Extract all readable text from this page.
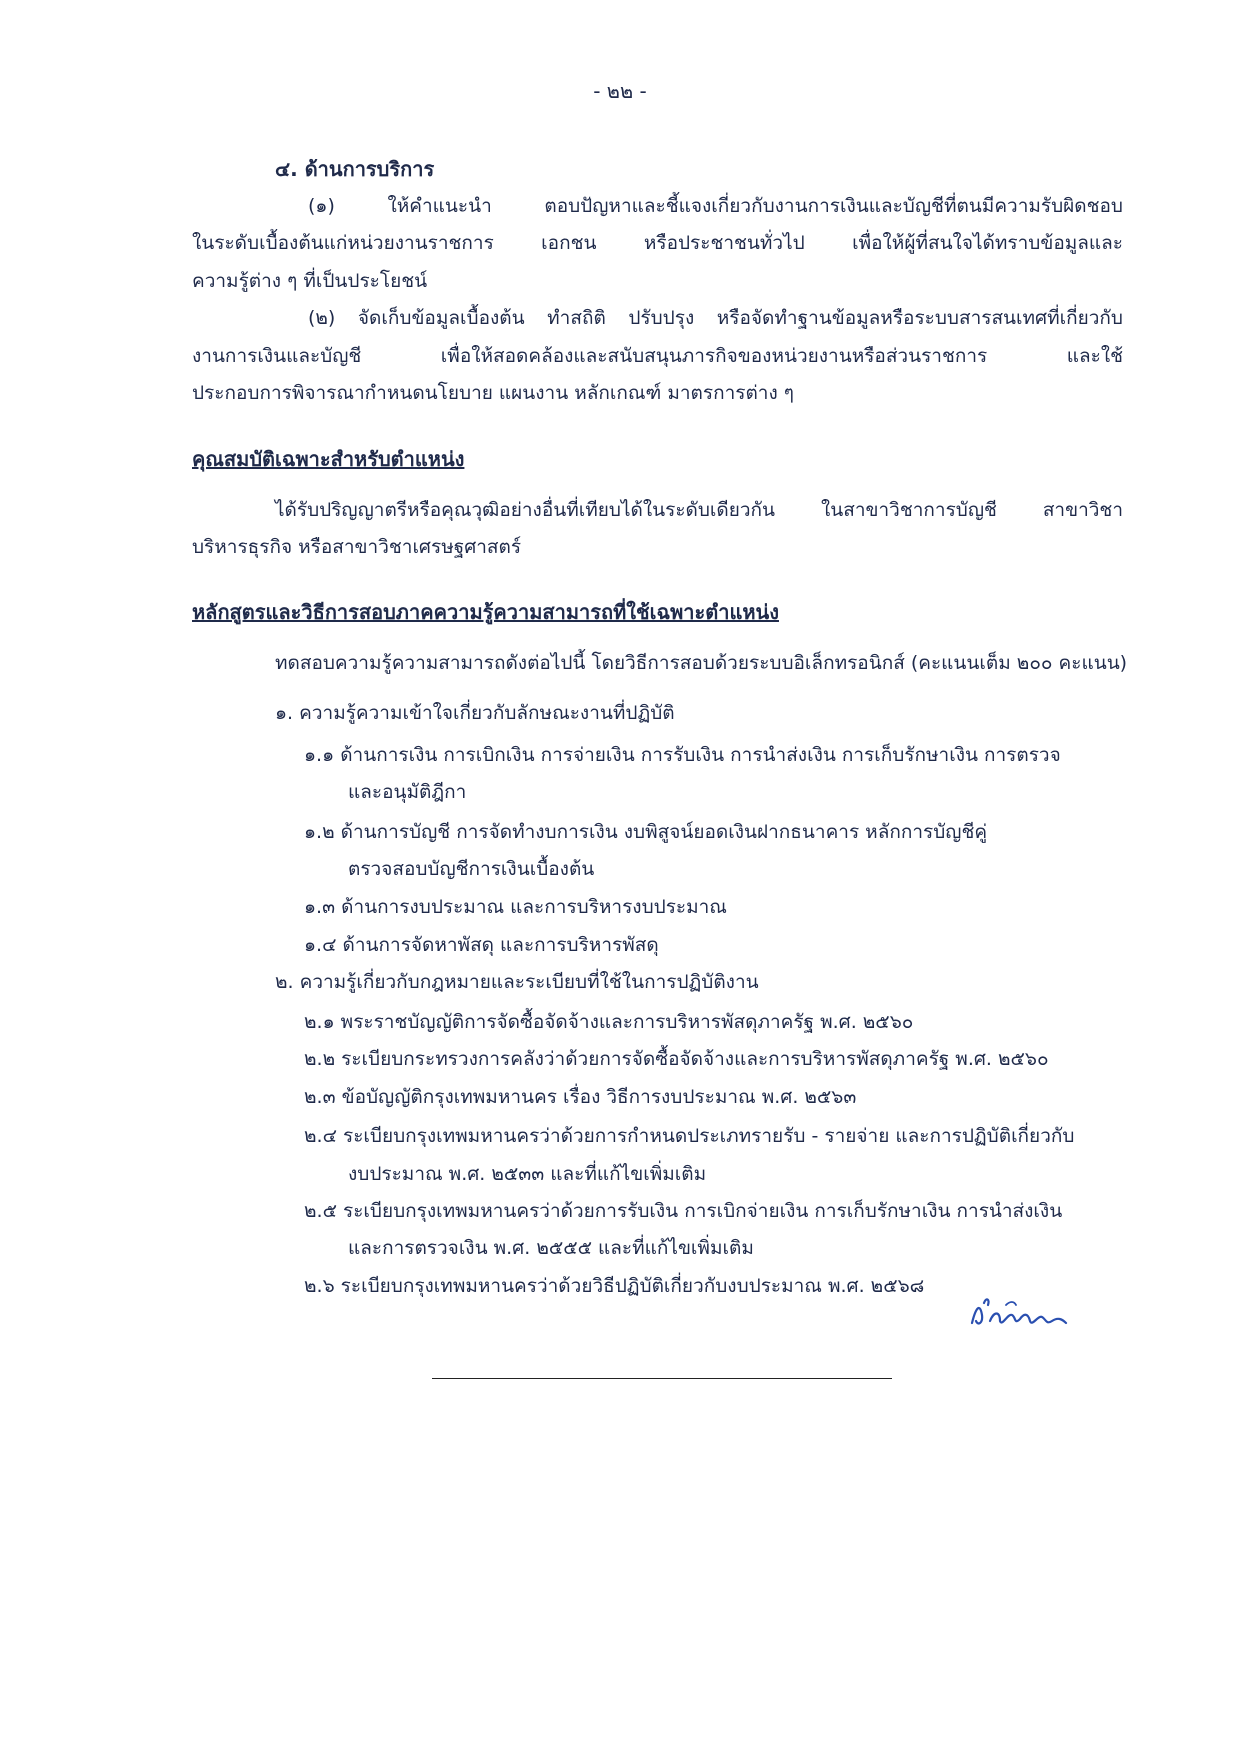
- ๒๒ -
๔. ด้านการบริการ
(๑) ให้คำแนะนำ ตอบปัญหาและชี้แจงเกี่ยวกับงานการเงินและบัญชีที่ตนมีความรับผิดชอบ
ในระดับเบื้องต้นแก่หน่วยงานราชการ เอกชน หรือประชาชนทั่วไป เพื่อให้ผู้ที่สนใจได้ทราบข้อมูลและ
ความรู้ต่าง ๆ ที่เป็นประโยชน์
(๒) จัดเก็บข้อมูลเบื้องต้น ทำสถิติ ปรับปรุง หรือจัดทำฐานข้อมูลหรือระบบสารสนเทศที่เกี่ยวกับ
งานการเงินและบัญชี เพื่อให้สอดคล้องและสนับสนุนภารกิจของหน่วยงานหรือส่วนราชการ และใช้
ประกอบการพิจารณากำหนดนโยบาย แผนงาน หลักเกณฑ์ มาตรการต่าง ๆ
คุณสมบัติเฉพาะสำหรับตำแหน่ง
ได้รับปริญญาตรีหรือคุณวุฒิอย่างอื่นที่เทียบได้ในระดับเดียวกัน ในสาขาวิชาการบัญชี สาขาวิชา
บริหารธุรกิจ หรือสาขาวิชาเศรษฐศาสตร์
หลักสูตรและวิธีการสอบภาคความรู้ความสามารถที่ใช้เฉพาะตำแหน่ง
ทดสอบความรู้ความสามารถดังต่อไปนี้ โดยวิธีการสอบด้วยระบบอิเล็กทรอนิกส์ (คะแนนเต็ม ๒๐๐ คะแนน)
๑. ความรู้ความเข้าใจเกี่ยวกับลักษณะงานที่ปฏิบัติ
๑.๑ ด้านการเงิน การเบิกเงิน การจ่ายเงิน การรับเงิน การนำส่งเงิน การเก็บรักษาเงิน การตรวจ
และอนุมัติฎีกา
๑.๒ ด้านการบัญชี การจัดทำงบการเงิน งบพิสูจน์ยอดเงินฝากธนาคาร หลักการบัญชีคู่
ตรวจสอบบัญชีการเงินเบื้องต้น
๑.๓ ด้านการงบประมาณ และการบริหารงบประมาณ
๑.๔ ด้านการจัดหาพัสดุ และการบริหารพัสดุ
๒. ความรู้เกี่ยวกับกฎหมายและระเบียบที่ใช้ในการปฏิบัติงาน
๒.๑ พระราชบัญญัติการจัดซื้อจัดจ้างและการบริหารพัสดุภาครัฐ พ.ศ. ๒๕๖๐
๒.๒ ระเบียบกระทรวงการคลังว่าด้วยการจัดซื้อจัดจ้างและการบริหารพัสดุภาครัฐ พ.ศ. ๒๕๖๐
๒.๓ ข้อบัญญัติกรุงเทพมหานคร เรื่อง วิธีการงบประมาณ พ.ศ. ๒๕๖๓
๒.๔ ระเบียบกรุงเทพมหานครว่าด้วยการกำหนดประเภทรายรับ - รายจ่าย และการปฏิบัติเกี่ยวกับ
งบประมาณ พ.ศ. ๒๕๓๓ และที่แก้ไขเพิ่มเติม
๒.๕ ระเบียบกรุงเทพมหานครว่าด้วยการรับเงิน การเบิกจ่ายเงิน การเก็บรักษาเงิน การนำส่งเงิน
และการตรวจเงิน พ.ศ. ๒๕๕๕ และที่แก้ไขเพิ่มเติม
๒.๖ ระเบียบกรุงเทพมหานครว่าด้วยวิธีปฏิบัติเกี่ยวกับงบประมาณ พ.ศ. ๒๕๖๘
